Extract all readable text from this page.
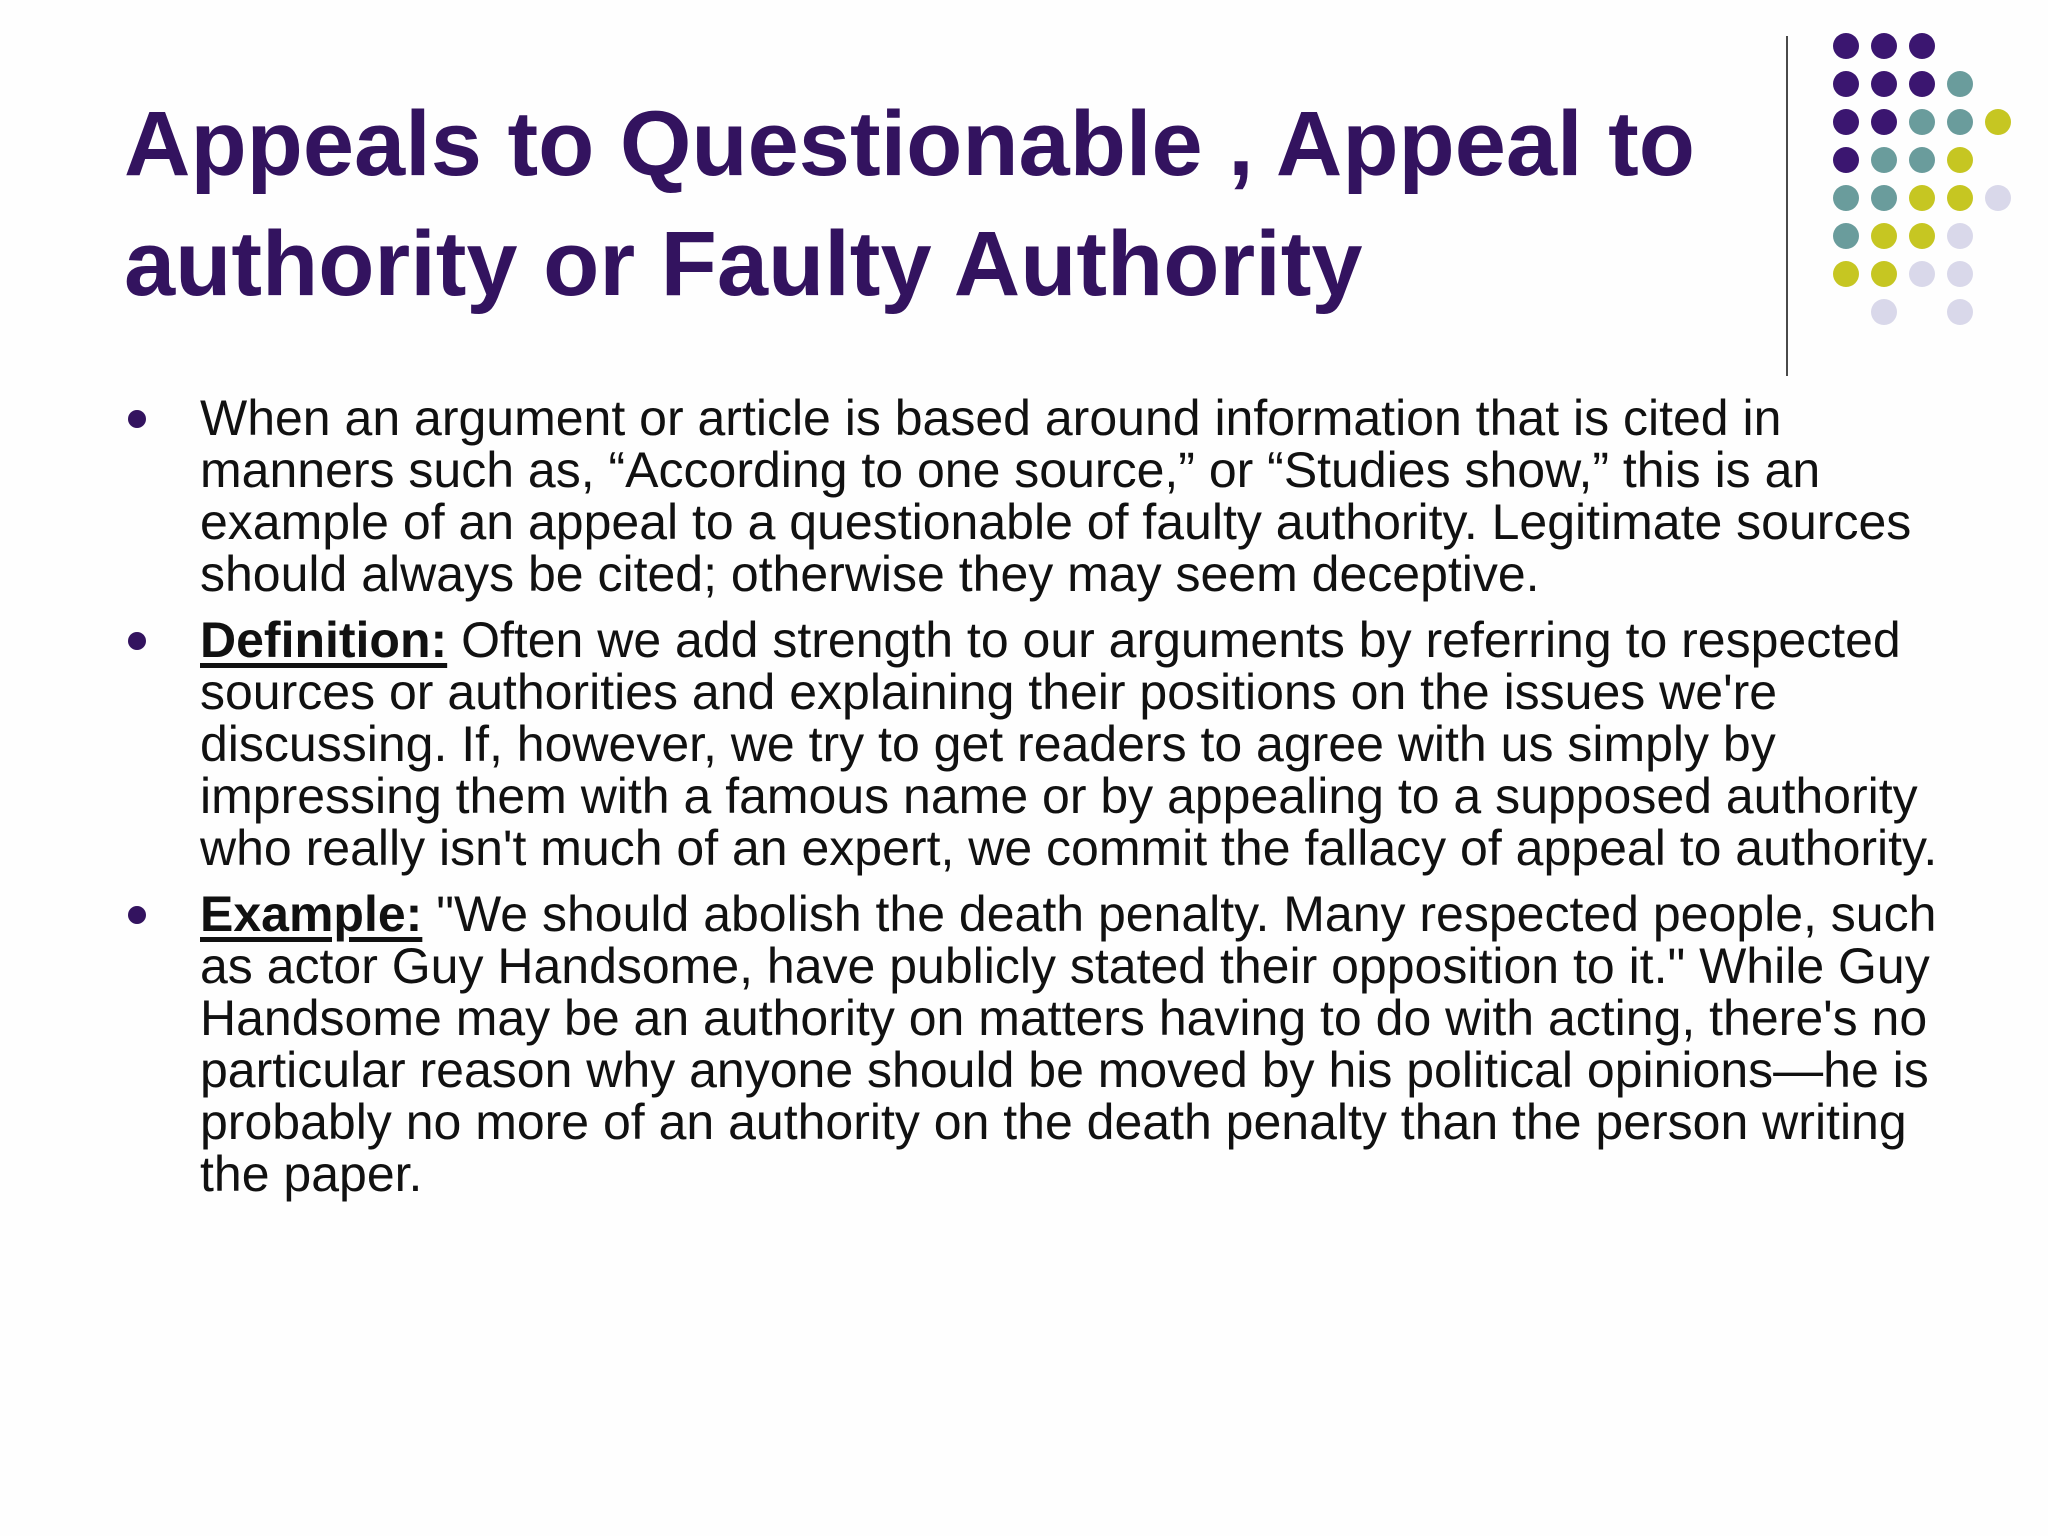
Appeals to Questionable , Appeal to authority or Faulty Authority
When an argument or article is based around information that is cited in manners such as, “According to one source,” or “Studies show,” this is an example of an appeal to a questionable of faulty authority. Legitimate sources should always be cited; otherwise they may seem deceptive.
Definition: Often we add strength to our arguments by referring to respected sources or authorities and explaining their positions on the issues we're discussing. If, however, we try to get readers to agree with us simply by impressing them with a famous name or by appealing to a supposed authority who really isn't much of an expert, we commit the fallacy of appeal to authority.
Example: "We should abolish the death penalty. Many respected people, such as actor Guy Handsome, have publicly stated their opposition to it." While Guy Handsome may be an authority on matters having to do with acting, there's no particular reason why anyone should be moved by his political opinions—he is probably no more of an authority on the death penalty than the person writing the paper.
